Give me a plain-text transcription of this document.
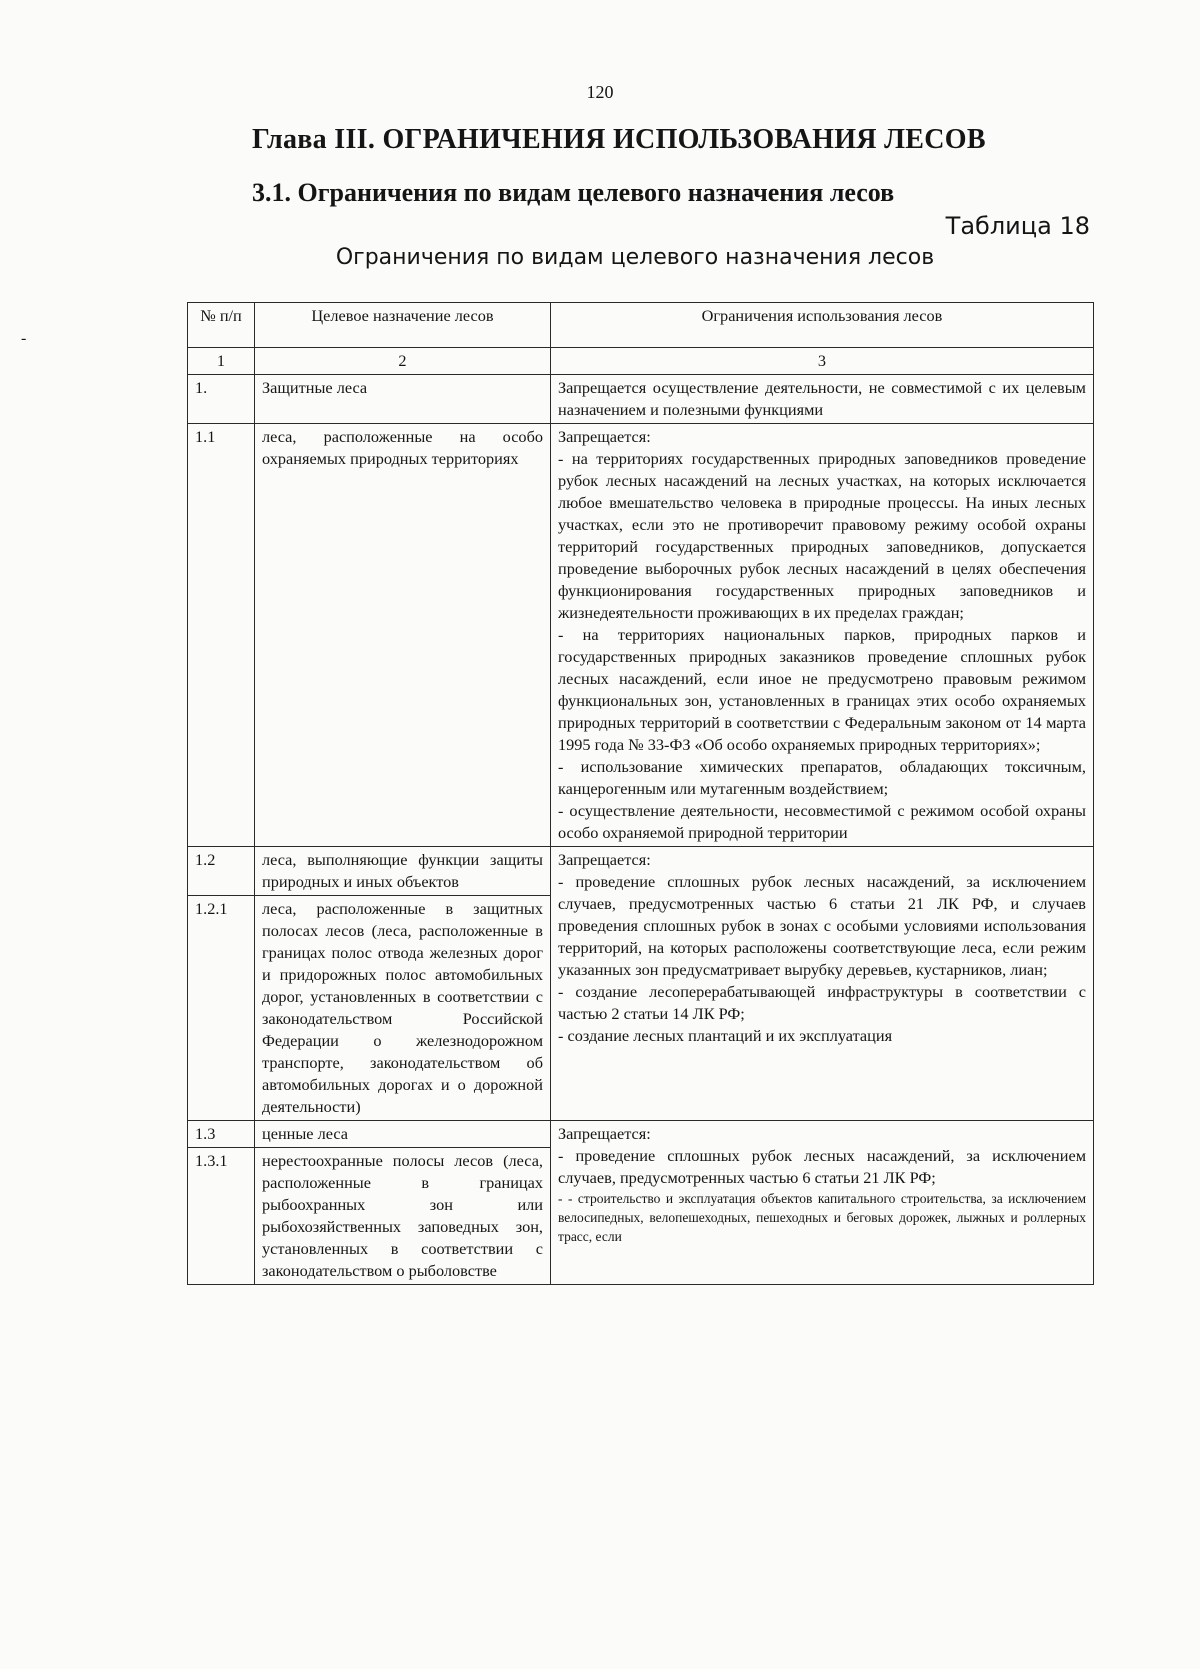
120
Глава III. ОГРАНИЧЕНИЯ ИСПОЛЬЗОВАНИЯ ЛЕСОВ
3.1. Ограничения по видам целевого назначения лесов
Таблица 18
Ограничения по видам целевого назначения лесов
-
№ п/п	Целевое назначение лесов	Ограничения использования лесов
1	2	3
1.	Защитные леса	Запрещается осуществление деятельности, не совместимой с их целевым назначением и полезными функциями
1.1	леса, расположенные на особо охраняемых природных территориях	Запрещается:
- на территориях государственных природных заповедников проведение рубок лесных насаждений на лесных участках, на которых исключается любое вмешательство человека в природные процессы. На иных лесных участках, если это не противоречит правовому режиму особой охраны территорий государственных природных заповедников, допускается проведение выборочных рубок лесных насаждений в целях обеспечения функционирования государственных природных заповедников и жизнедеятельности проживающих в их пределах граждан;
- на территориях национальных парков, природных парков и государственных природных заказников проведение сплошных рубок лесных насаждений, если иное не предусмотрено правовым режимом функциональных зон, установленных в границах этих особо охраняемых природных территорий в соответствии с Федеральным законом от 14 марта 1995 года № 33-ФЗ «Об особо охраняемых природных территориях»;
- использование химических препаратов, обладающих токсичным, канцерогенным или мутагенным воздействием;
- осуществление деятельности, несовместимой с режимом особой охраны особо охраняемой природной территории

1.2	леса, выполняющие функции защиты природных и иных объектов	Запрещается:
- проведение сплошных рубок лесных насаждений, за исключением случаев, предусмотренных частью 6 статьи 21 ЛК РФ, и случаев проведения сплошных рубок в зонах с особыми условиями использования территорий, на которых расположены соответствующие леса, если режим указанных зон предусматривает вырубку деревьев, кустарников, лиан;
- создание лесоперерабатывающей инфраструктуры в соответствии с частью 2 статьи 14 ЛК РФ;
- создание лесных плантаций и их эксплуатация

1.2.1	леса, расположенные в защитных полосах лесов (леса, расположенные в границах полос отвода железных дорог и придорожных полос автомобильных дорог, установленных в соответствии с законодательством Российской Федерации о железнодорожном транспорте, законодательством об автомобильных дорогах и о дорожной деятельности)	
1.3	ценные леса	Запрещается:
- проведение сплошных рубок лесных насаждений, за исключением случаев, предусмотренных частью 6 статьи 21 ЛК РФ;
- - строительство и эксплуатация объектов капитального строительства, за исключением велосипедных, велопешеходных, пешеходных и беговых дорожек, лыжных и роллерных трасс, если

1.3.1	нерестоохранные полосы лесов (леса, расположенные в границах рыбоохранных зон или рыбохозяйственных заповедных зон, установленных в соответствии с законодательством о рыболовстве	
